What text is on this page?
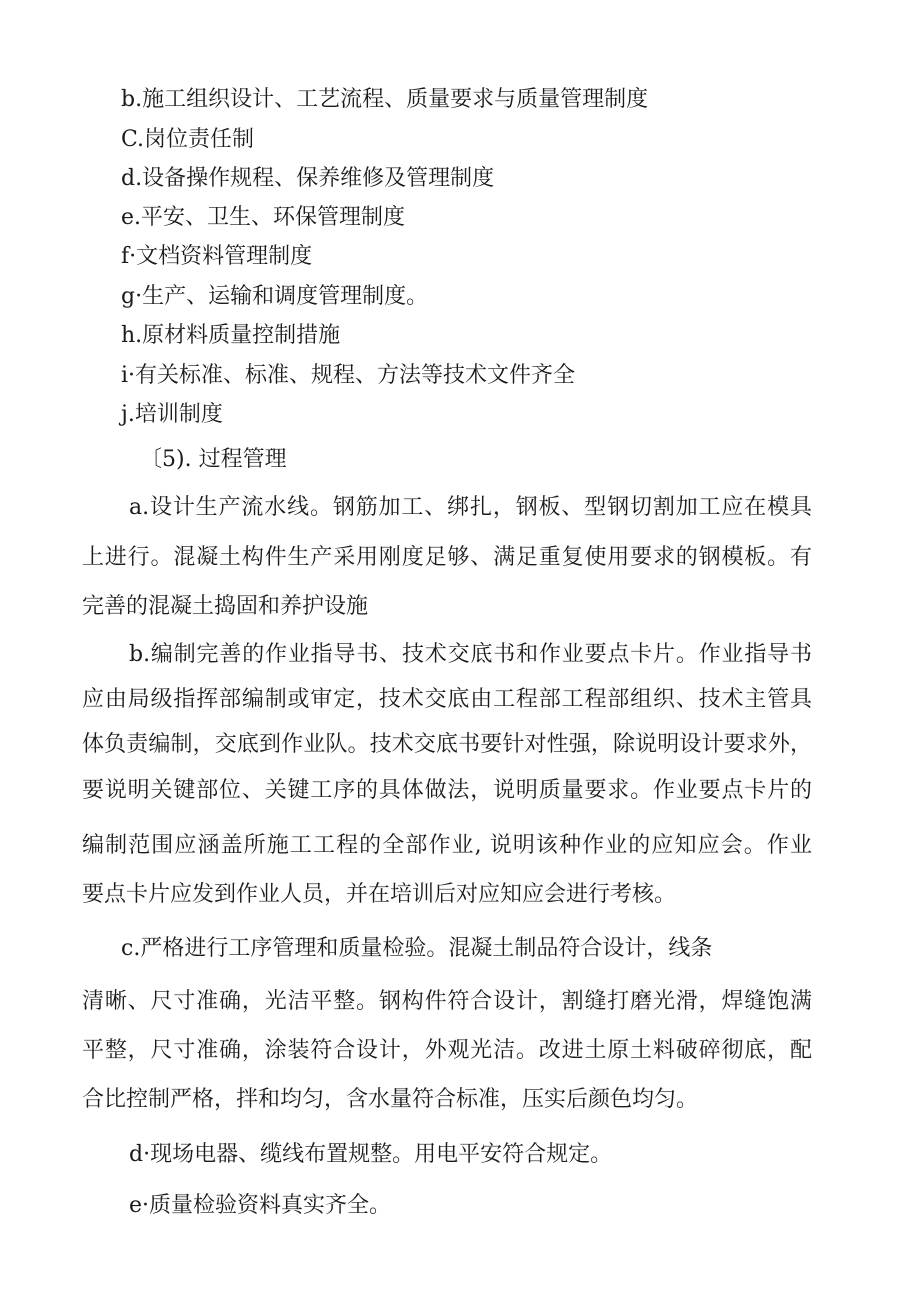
b.施工组织设计、工艺流程、质量要求与质量管理制度

C.岗位责任制

d.设备操作规程、保养维修及管理制度

e.平安、卫生、环保管理制度

f·文档资料管理制度

g·生产、运输和调度管理制度。

h.原材料质量控制措施

i·有关标准、标准、规程、方法等技术文件齐全

j.培训制度

〔5). 过程管理

a.设计生产流水线。钢筋加工、绑扎，钢板、型钢切割加工应在模具

上进行。混凝土构件生产采用刚度足够、满足重复使用要求的钢模板。有

完善的混凝土捣固和养护设施

b.编制完善的作业指导书、技术交底书和作业要点卡片。作业指导书

应由局级指挥部编制或审定，技术交底由工程部工程部组织、技术主管具

体负责编制，交底到作业队。技术交底书要针对性强，除说明设计要求外，

要说明关键部位、关键工序的具体做法，说明质量要求。作业要点卡片的

编制范围应涵盖所施工工程的全部作业, 说明该种作业的应知应会。作业

要点卡片应发到作业人员，并在培训后对应知应会进行考核。

c.严格进行工序管理和质量检验。混凝土制品符合设计，线条

清晰、尺寸准确，光洁平整。钢构件符合设计，割缝打磨光滑，焊缝饱满

平整，尺寸准确，涂装符合设计，外观光洁。改进土原土料破碎彻底，配

合比控制严格，拌和均匀，含水量符合标准，压实后颜色均匀。

d·现场电器、缆线布置规整。用电平安符合规定。

e·质量检验资料真实齐全。
